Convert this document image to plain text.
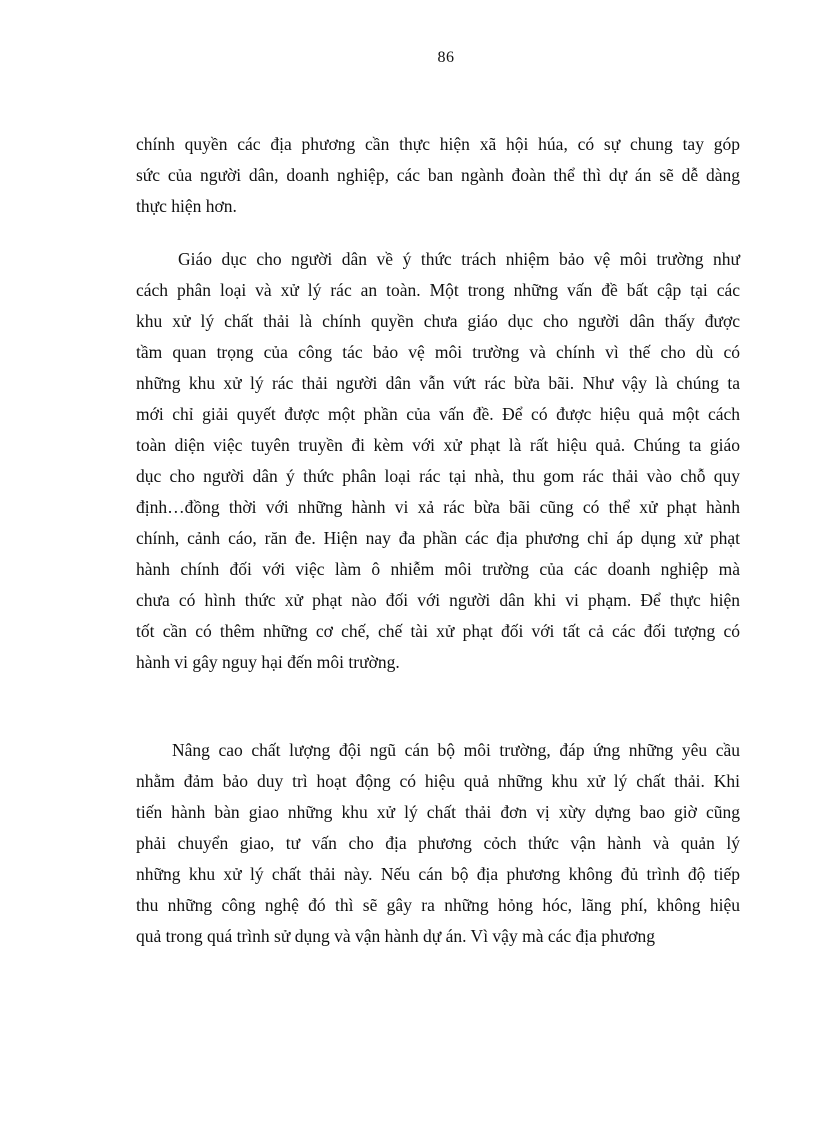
86
chính quyền các địa phương cần thực hiện xã hội húa, có sự chung tay góp
sức của người dân, doanh nghiệp, các ban ngành đoàn thể thì dự án sẽ dễ dàng
thực hiện hơn.
Giáo dục cho người dân về ý thức trách nhiệm bảo vệ môi trường như
cách phân loại và xử lý rác an toàn. Một trong những vấn đề bất cập tại các
khu xử lý chất thải là chính quyền chưa giáo dục cho người dân thấy được
tầm quan trọng của công tác bảo vệ môi trường và chính vì thế cho dù có
những khu xử lý rác thải người dân vẫn vứt rác bừa bãi. Như vậy là chúng ta
mới chỉ giải quyết được một phần của vấn đề. Để có được hiệu quả một cách
toàn diện việc tuyên truyền đi kèm với xử phạt là rất hiệu quả. Chúng ta giáo
dục cho người dân ý thức phân loại rác tại nhà, thu gom rác thải vào chỗ quy
định…đồng thời với những hành vi xả rác bừa bãi cũng có thể xử phạt hành
chính, cảnh cáo, răn đe. Hiện nay đa phần các địa phương chỉ áp dụng xử phạt
hành chính đối với việc làm ô nhiễm môi trường của các doanh nghiệp mà
chưa có hình thức xử phạt nào đối với người dân khi vi phạm. Để thực hiện
tốt cần có thêm những cơ chế, chế tài xử phạt đối với tất cả các đối tượng có
hành vi gây nguy hại đến môi trường.
Nâng cao chất lượng đội ngũ cán bộ môi trường, đáp ứng những yêu cầu
nhằm đảm bảo duy trì hoạt động có hiệu quả những khu xử lý chất thải. Khi
tiến hành bàn giao những khu xử lý chất thải đơn vị xừy dựng bao giờ cũng
phải chuyển giao, tư vấn cho địa phương cỏch thức vận hành và quản lý
những khu xử lý chất thải này. Nếu cán bộ địa phương không đủ trình độ tiếp
thu những công nghệ đó thì sẽ gây ra những hỏng hóc, lãng phí, không hiệu
quả trong quá trình sử dụng và vận hành dự án. Vì vậy mà các địa phương
